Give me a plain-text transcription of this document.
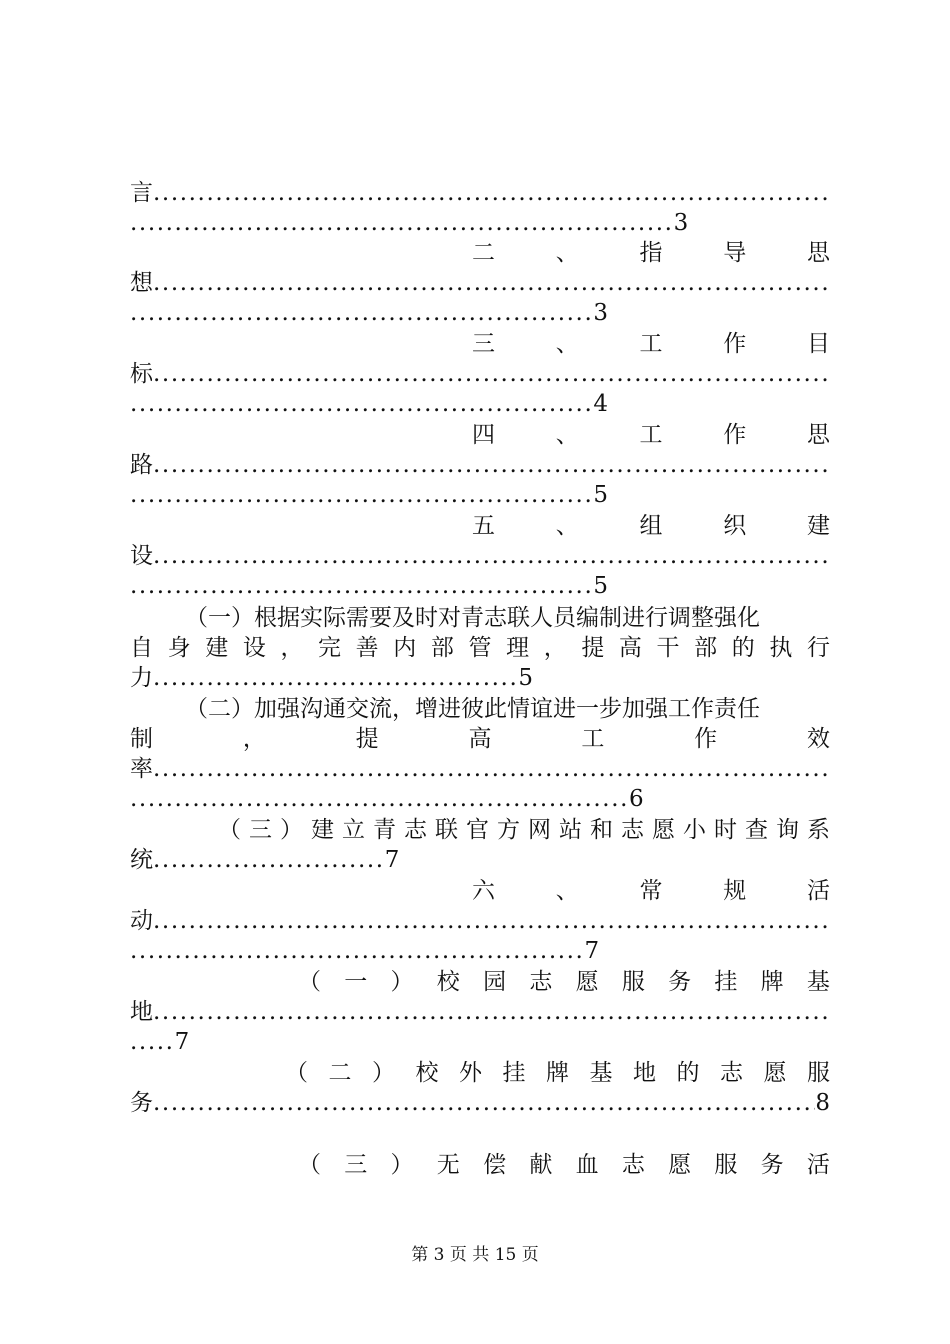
言
.....
.............................................................3
二	、	指	导	思
想
.....
....................................................3
三	、	工	作	目
标
.....
....................................................4
四	、	工	作	思
路
.....
....................................................5
五	、	组	织	建
设
.....
....................................................5
（一）根据实际需要及时对青志联人员编制进行调整强化
自 身 建 设 ， 完 善 内 部 管 理 ， 提 高 干 部 的 执 行
力.........................................5
（二）加强沟通交流，增进彼此情谊进一步加强工作责任
制	，	提	高	工	作	效
率
.....
........................................................6
（ 三 ） 建 立 青 志 联 官 方 网 站 和 志 愿 小 时 查 询 系
统..........................7
六	、	常	规	活
动
.....
...................................................7
（ 一 ） 校 园 志 愿 服 务 挂 牌 基
地
.....
.....7
（ 二 ） 校 外 挂 牌 基 地 的 志 愿 服
务 .....	8
（ 三 ） 无 偿 献 血 志 愿 服 务 活
第 3 页 共 15 页
